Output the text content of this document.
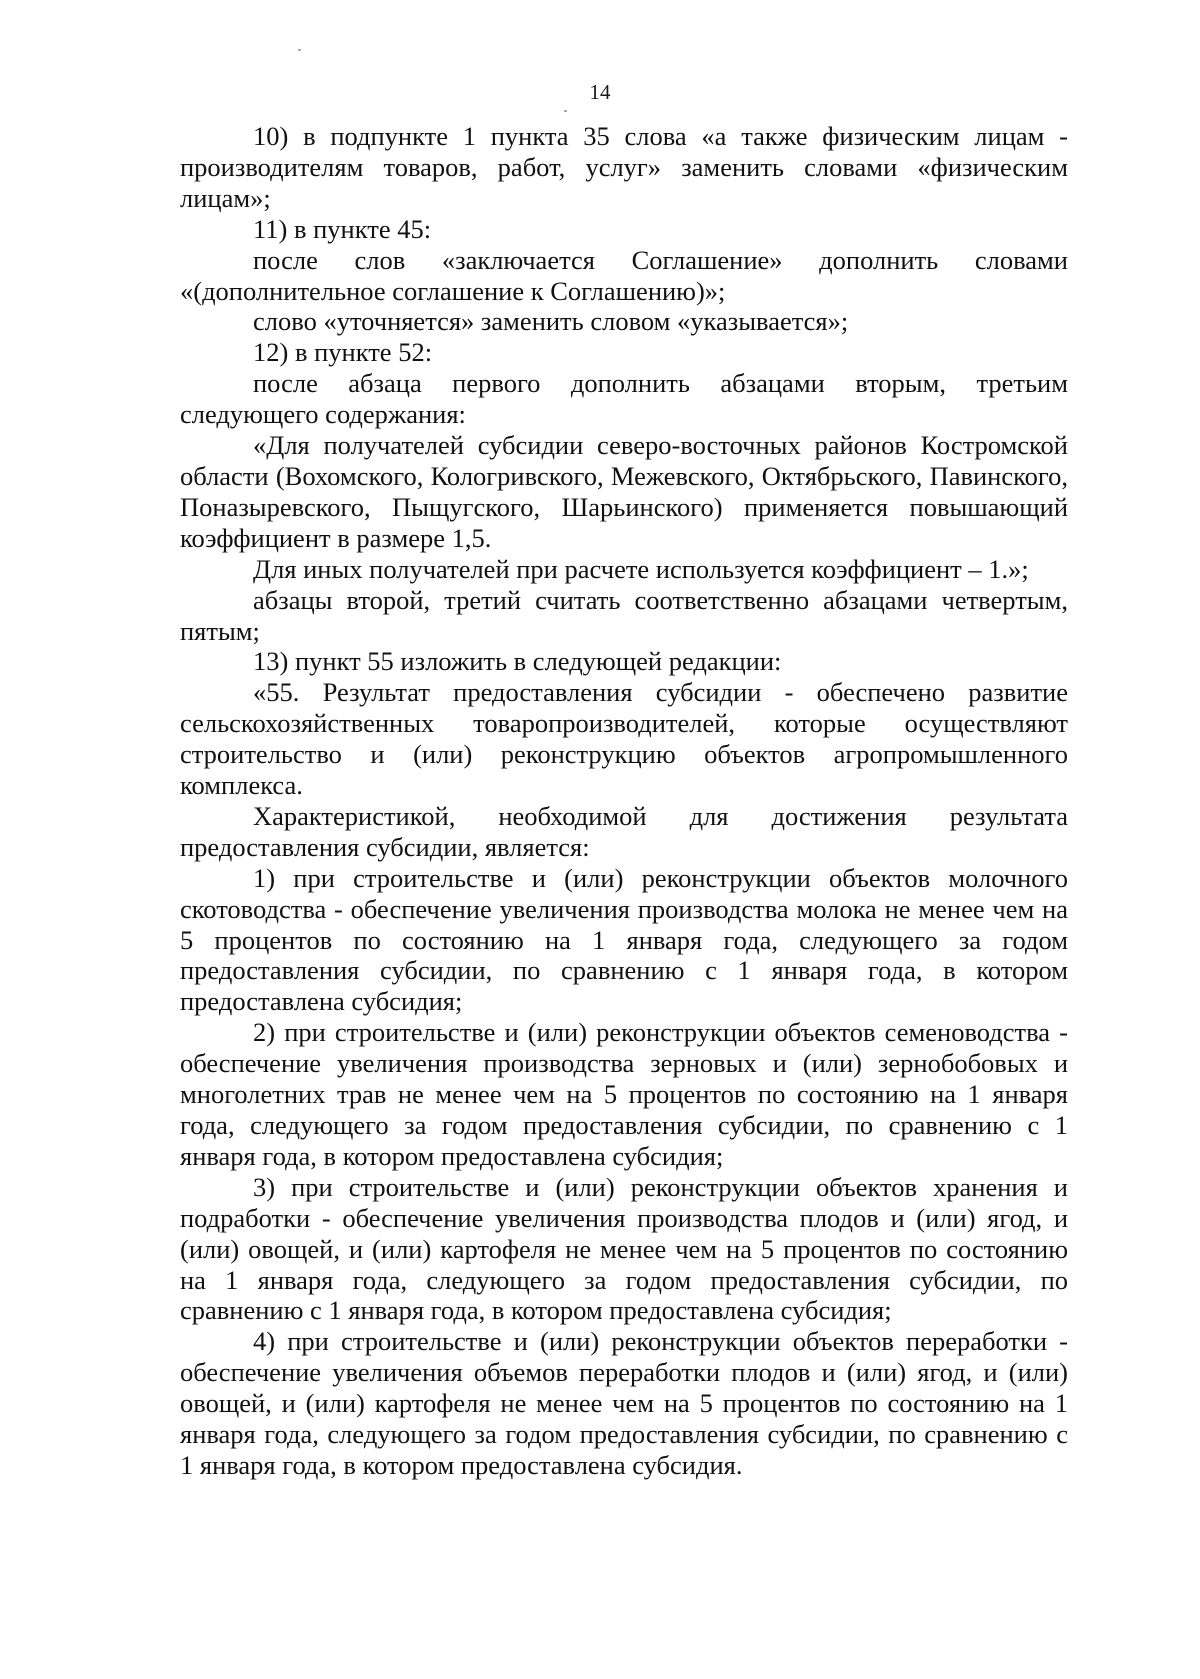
14

10) в подпункте 1 пункта 35 слова «а также физическим лицам - производителям товаров, работ, услуг» заменить словами «физическим лицам»;

11) в пункте 45:

после слов «заключается Соглашение» дополнить словами «(дополнительное соглашение к Соглашению)»;

слово «уточняется» заменить словом «указывается»;

12) в пункте 52:

после абзаца первого дополнить абзацами вторым, третьим следующего содержания:

«Для получателей субсидии северо-восточных районов Костромской области (Вохомского, Кологривского, Межевского, Октябрьского, Павинского, Поназыревского, Пыщугского, Шарьинского) применяется повышающий коэффициент в размере 1,5.

Для иных получателей при расчете используется коэффициент – 1.»;

абзацы второй, третий считать соответственно абзацами четвертым, пятым;

13) пункт 55 изложить в следующей редакции:

«55. Результат предоставления субсидии - обеспечено развитие сельскохозяйственных товаропроизводителей, которые осуществляют строительство и (или) реконструкцию объектов агропромышленного комплекса.

Характеристикой, необходимой для достижения результата предоставления субсидии, является:

1) при строительстве и (или) реконструкции объектов молочного скотоводства - обеспечение увеличения производства молока не менее чем на 5 процентов по состоянию на 1 января года, следующего за годом предоставления субсидии, по сравнению с 1 января года, в котором предоставлена субсидия;

2) при строительстве и (или) реконструкции объектов семеноводства - обеспечение увеличения производства зерновых и (или) зернобобовых и многолетних трав не менее чем на 5 процентов по состоянию на 1 января года, следующего за годом предоставления субсидии, по сравнению с 1 января года, в котором предоставлена субсидия;

3) при строительстве и (или) реконструкции объектов хранения и подработки - обеспечение увеличения производства плодов и (или) ягод, и (или) овощей, и (или) картофеля не менее чем на 5 процентов по состоянию на 1 января года, следующего за годом предоставления субсидии, по сравнению с 1 января года, в котором предоставлена субсидия;

4) при строительстве и (или) реконструкции объектов переработки - обеспечение увеличения объемов переработки плодов и (или) ягод, и (или) овощей, и (или) картофеля не менее чем на 5 процентов по состоянию на 1 января года, следующего за годом предоставления субсидии, по сравнению с 1 января года, в котором предоставлена субсидия.
